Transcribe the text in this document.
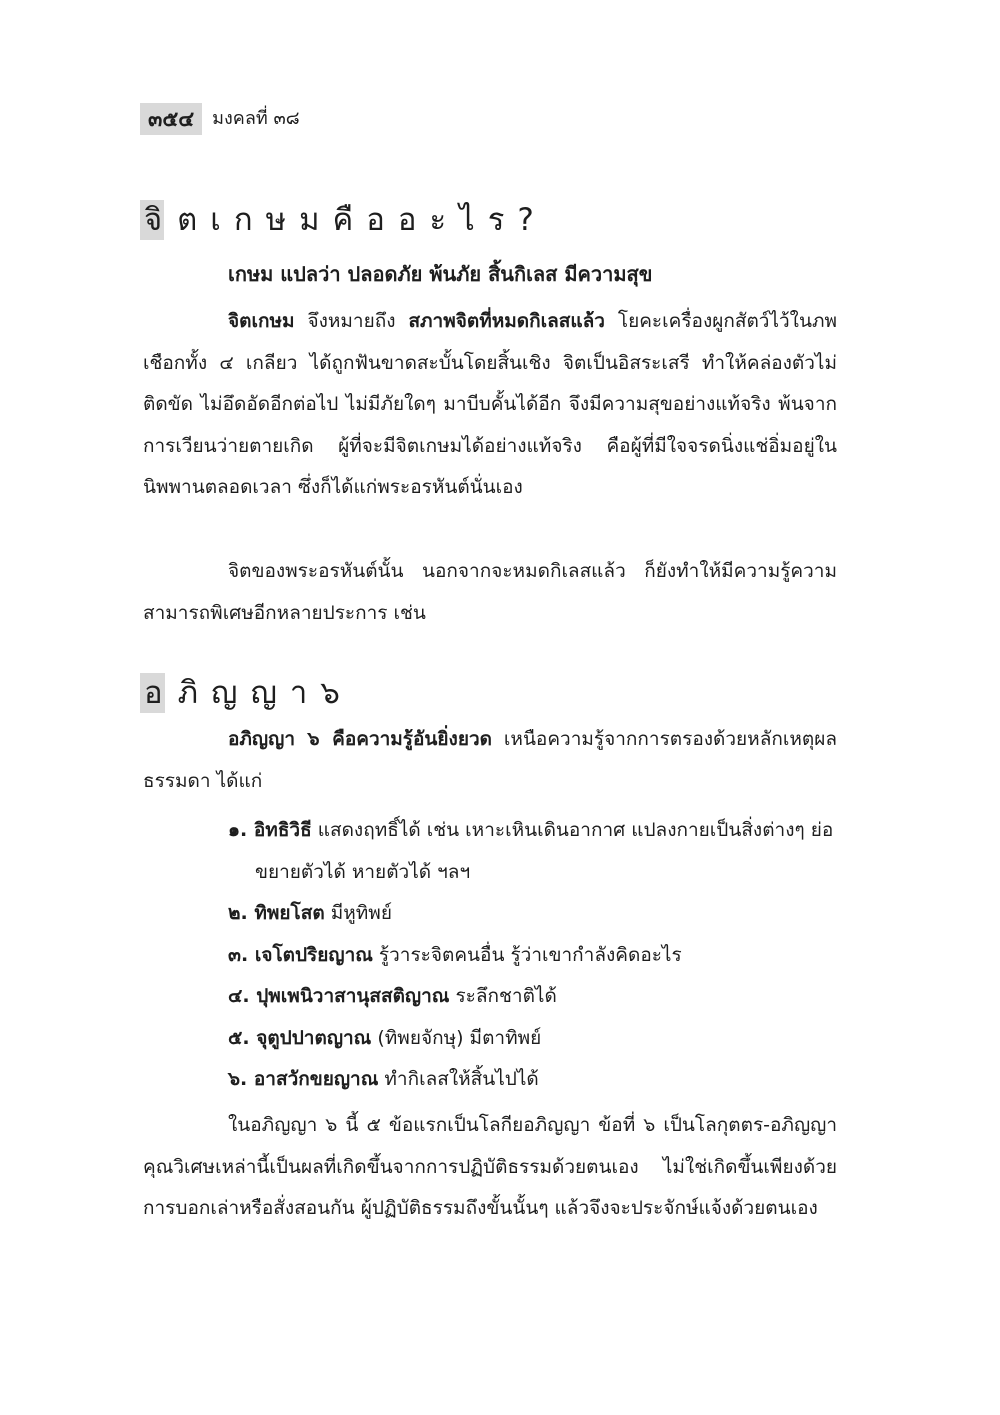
๓๕๔	มงคลที่ ๓๘
จิ ตเกษมคืออะไร?
เกษม แปลว่า ปลอดภัย พ้นภัย สิ้นกิเลส มีความสุข

จิตเกษม จึงหมายถึง สภาพจิตที่หมดกิเลสแล้ว โยคะเครื่องผูกสัตว์ไว้ในภพ เชือกทั้ง ๔ เกลียว ได้ถูกฟันขาดสะบั้นโดยสิ้นเชิง จิตเป็นอิสระเสรี ทำให้คล่องตัวไม่ติดขัด ไม่อึดอัดอีกต่อไป ไม่มีภัยใดๆ มาบีบคั้นได้อีก จึงมีความสุขอย่างแท้จริง พ้นจากการเวียนว่ายตายเกิด ผู้ที่จะมีจิตเกษมได้อย่างแท้จริง คือผู้ที่มีใจจรดนิ่งแช่อิ่มอยู่ในนิพพานตลอดเวลา ซึ่งก็ได้แก่พระอรหันต์นั่นเอง

จิตของพระอรหันต์นั้น นอกจากจะหมดกิเลสแล้ว ก็ยังทำให้มีความรู้ความสามารถพิเศษอีกหลายประการ เช่น

อ ภิญญา๖

อภิญญา ๖ คือความรู้อันยิ่งยวด เหนือความรู้จากการตรองด้วยหลักเหตุผลธรรมดา ได้แก่

๑. อิทธิวิธี แสดงฤทธิ์ได้ เช่น เหาะเหินเดินอากาศ แปลงกายเป็นสิ่งต่างๆ ย่อขยายตัวได้ หายตัวได้ ฯลฯ

๒. ทิพยโสต มีหูทิพย์

๓. เจโตปริยญาณ รู้วาระจิตคนอื่น รู้ว่าเขากำลังคิดอะไร

๔. ปุพเพนิวาสานุสสติญาณ ระลึกชาติได้

๕. จุตูปปาตญาณ (ทิพยจักษุ) มีตาทิพย์

๖. อาสวักขยญาณ ทำกิเลสให้สิ้นไปได้

ในอภิญญา ๖ นี้ ๕ ข้อแรกเป็นโลกียอภิญญา ข้อที่ ๖ เป็นโลกุตตร-อภิญญา คุณวิเศษเหล่านี้เป็นผลที่เกิดขึ้นจากการปฏิบัติธรรมด้วยตนเอง ไม่ใช่เกิดขึ้นเพียงด้วยการบอกเล่าหรือสั่งสอนกัน ผู้ปฏิบัติธรรมถึงขั้นนั้นๆ แล้วจึงจะประจักษ์แจ้งด้วยตนเอง
